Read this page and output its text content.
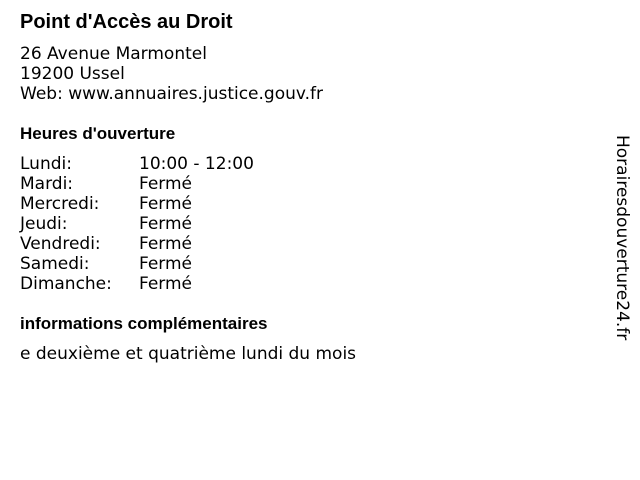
Point d'Accès au Droit
26 Avenue Marmontel
19200 Ussel
Web: www.annuaires.justice.gouv.fr
Heures d'ouverture
Lundi:	10:00 - 12:00
Mardi:	Fermé
Mercredi: Fermé
Jeudi:	Fermé
Vendredi: Fermé
Samedi:	Fermé
Dimanche: Fermé
informations complémentaires
e deuxième et quatrième lundi du mois
Horairesdouverture24.fr
